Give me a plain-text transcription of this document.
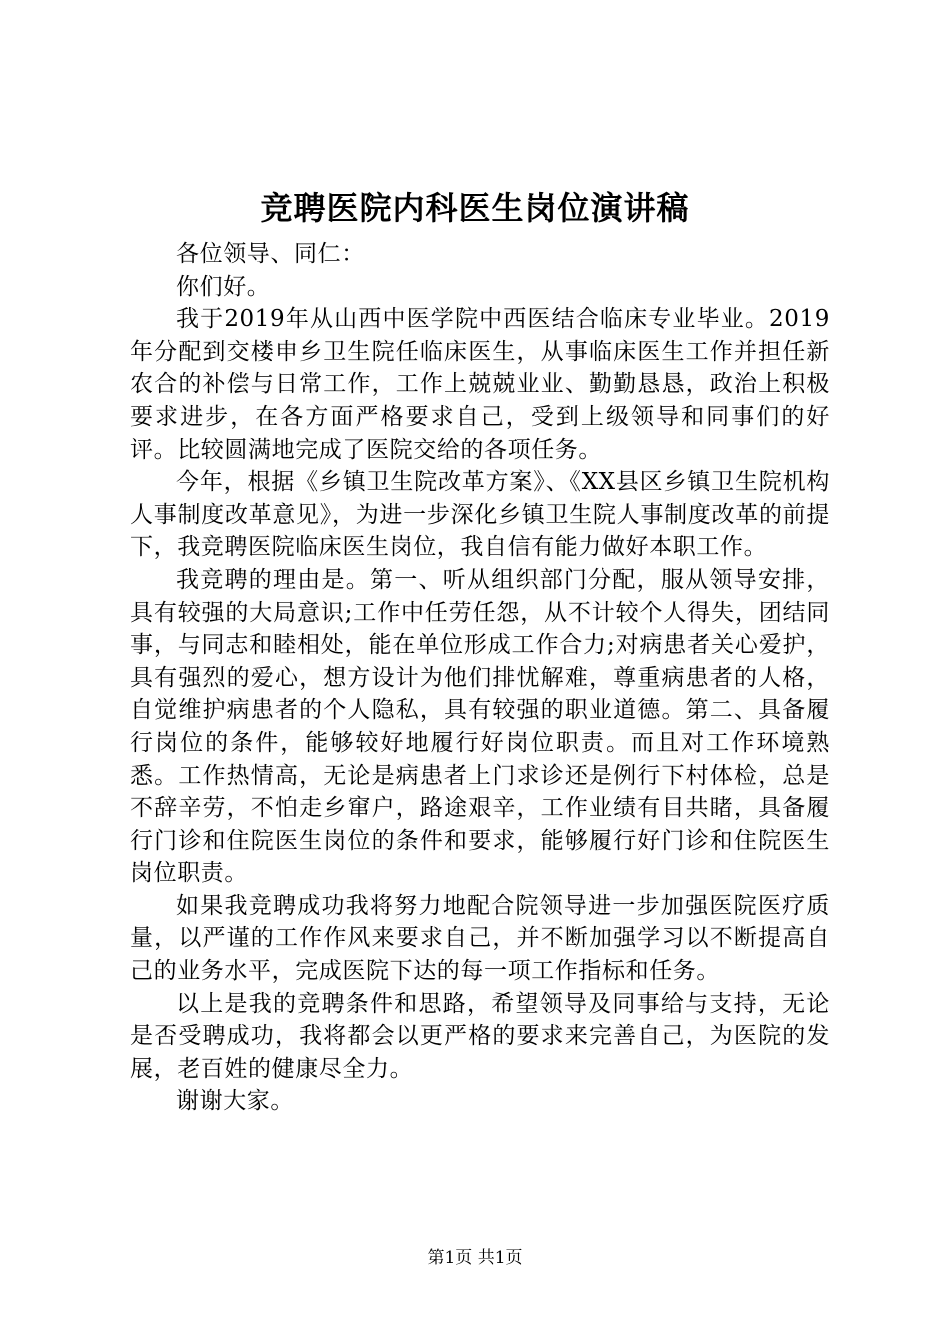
竞聘医院内科医生岗位演讲稿

各位领导、同仁：

你们好。

我于2019年从山西中医学院中西医结合临床专业毕业。2019年分配到交楼申乡卫生院任临床医生，从事临床医生工作并担任新农合的补偿与日常工作，工作上兢兢业业、勤勤恳恳，政治上积极要求进步，在各方面严格要求自己，受到上级领导和同事们的好评。比较圆满地完成了医院交给的各项任务。

今年，根据《乡镇卫生院改革方案》、《XX县区乡镇卫生院机构人事制度改革意见》，为进一步深化乡镇卫生院人事制度改革的前提下，我竞聘医院临床医生岗位，我自信有能力做好本职工作。

我竞聘的理由是。第一、听从组织部门分配，服从领导安排，具有较强的大局意识;工作中任劳任怨，从不计较个人得失，团结同事，与同志和睦相处，能在单位形成工作合力;对病患者关心爱护，具有强烈的爱心，想方设计为他们排忧解难，尊重病患者的人格，自觉维护病患者的个人隐私，具有较强的职业道德。第二、具备履行岗位的条件，能够较好地履行好岗位职责。而且对工作环境熟悉。工作热情高，无论是病患者上门求诊还是例行下村体检，总是不辞辛劳，不怕走乡窜户，路途艰辛，工作业绩有目共睹，具备履行门诊和住院医生岗位的条件和要求，能够履行好门诊和住院医生岗位职责。

如果我竞聘成功我将努力地配合院领导进一步加强医院医疗质量，以严谨的工作作风来要求自己，并不断加强学习以不断提高自己的业务水平，完成医院下达的每一项工作指标和任务。

以上是我的竞聘条件和思路，希望领导及同事给与支持，无论是否受聘成功，我将都会以更严格的要求来完善自己，为医院的发展，老百姓的健康尽全力。

谢谢大家。

第1页 共1页
